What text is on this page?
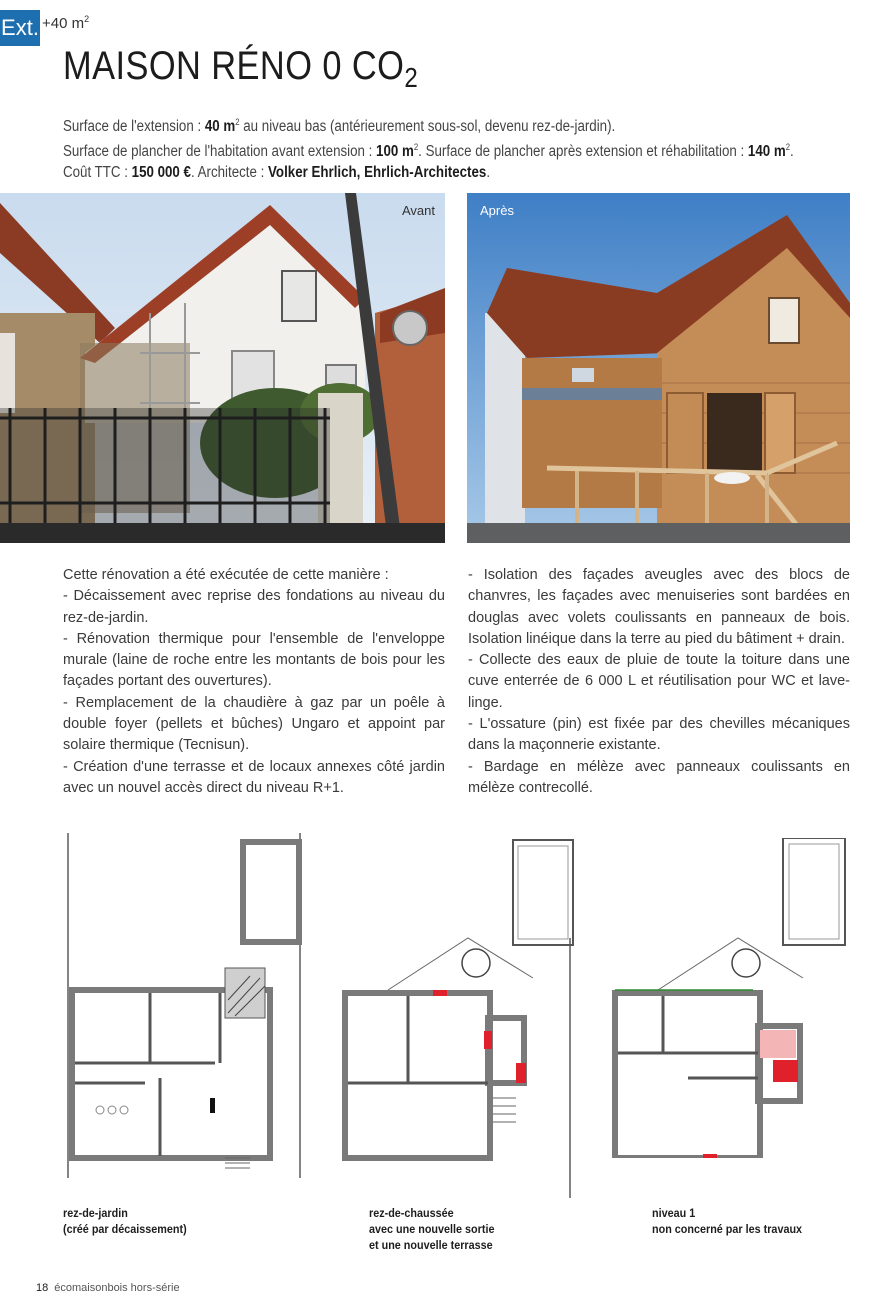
Ext. +40 $m^2$
MAISON RÉNO 0 $CO_2$
Surface de l'extension : 40 $m^2$ au niveau bas (antérieurement sous-sol, devenu rez-de-jardin).
Surface de plancher de l'habitation avant extension : 100 $m^2$. Surface de plancher après extension et réhabilitation : 140 $m^2$.
Coût TTC : 150 000 €. Architecte : Volker Ehrlich, Ehrlich-Architectes.
Avant	Après

Cette rénovation a été exécutée de cette manière :

- Décaissement avec reprise des fondations au niveau du rez-de-jardin.

- Rénovation thermique pour l'ensemble de l'enveloppe murale (laine de roche entre les montants de bois pour les façades portant des ouvertures).

- Remplacement de la chaudière à gaz par un poêle à double foyer (pellets et bûches) Ungaro et appoint par solaire thermique (Tecnisun).

- Création d'une terrasse et de locaux annexes côté jardin avec un nouvel accès direct du niveau R+1.

- Isolation des façades aveugles avec des blocs de chanvres, les façades avec menuiseries sont bardées en douglas avec volets coulissants en panneaux de bois. Isolation linéique dans la terre au pied du bâtiment + drain.

- Collecte des eaux de pluie de toute la toiture dans une cuve enterrée de 6 000 L et réutilisation pour WC et lave-linge.

- L'ossature (pin) est fixée par des chevilles mécaniques dans la maçonnerie existante.

- Bardage en mélèze avec panneaux coulissants en mélèze contrecollé.

rez-de-jardin
(créé par décaissement)
rez-de-chaussée
avec une nouvelle sortie
et une nouvelle terrasse
niveau 1
non concerné par les travaux
18 écomaisonbois hors-série
